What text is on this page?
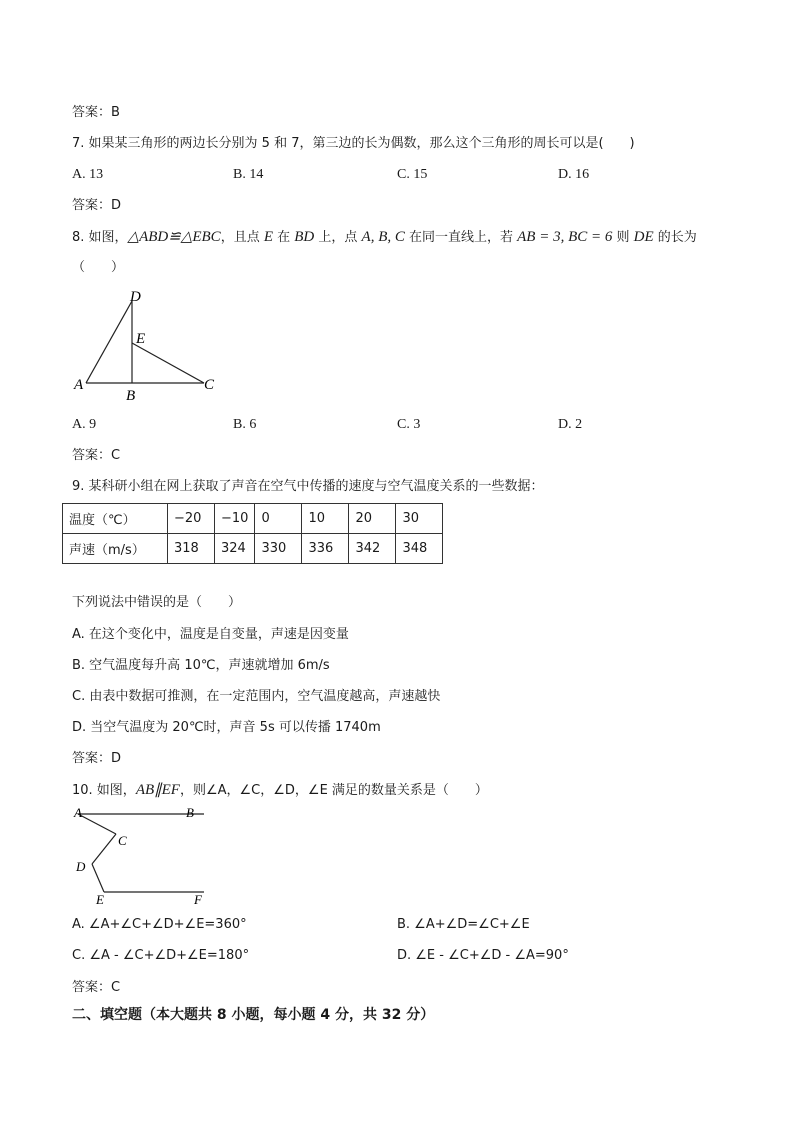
答案：B
7. 如果某三角形的两边长分别为 5 和 7，第三边的长为偶数，那么这个三角形的周长可以是(　　)
A. 13	B. 14	C. 15	D. 16
答案：D
8. 如图，△ABD≌△EBC，且点 E 在 BD 上，点 A, B, C 在同一直线上，若 AB = 3, BC = 6 则 DE 的长为
（　　）
D
E
A
B
C
A. 9	B. 6	C. 3	D. 2
答案：C
9. 某科研小组在网上获取了声音在空气中传播的速度与空气温度关系的一些数据：
温度（℃）	−20	−10	0	10	20	30
声速（m/s）	318	324	330	336	342	348
下列说法中错误的是（　　）
A. 在这个变化中，温度是自变量，声速是因变量
B. 空气温度每升高 10℃，声速就增加 6m/s
C. 由表中数据可推测，在一定范围内，空气温度越高，声速越快
D. 当空气温度为 20℃时，声音 5s 可以传播 1740m
答案：D
10. 如图，AB∥EF，则∠A，∠C，∠D，∠E 满足的数量关系是（　　）
A	B
C
D
E	F
A. ∠A+∠C+∠D+∠E=360°	B. ∠A+∠D=∠C+∠E
C. ∠A - ∠C+∠D+∠E=180°	D. ∠E - ∠C+∠D - ∠A=90°
答案：C
二、填空题（本大题共 8 小题，每小题 4 分，共 32 分）
